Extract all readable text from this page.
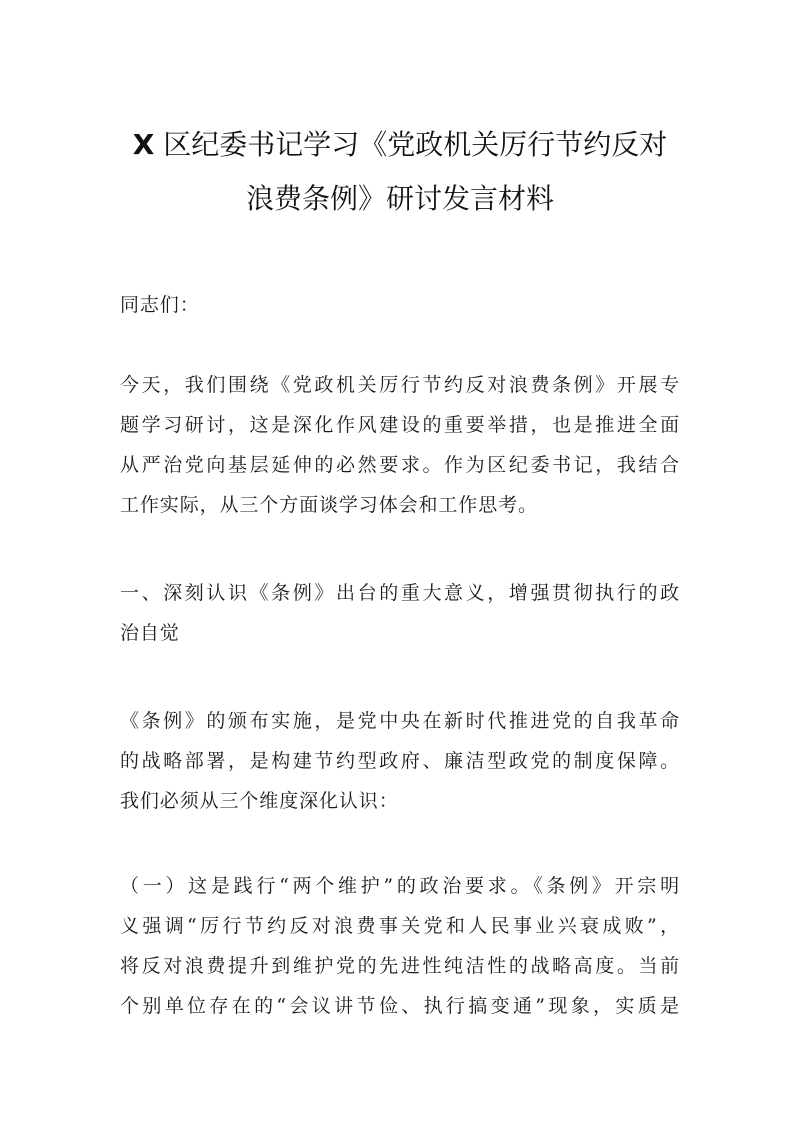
X 区纪委书记学习《党政机关厉行节约反对
浪费条例》研讨发言材料

同志们：

今天，我们围绕《党政机关厉行节约反对浪费条例》开展专
题学习研讨，这是深化作风建设的重要举措，也是推进全面
从严治党向基层延伸的必然要求。作为区纪委书记，我结合
工作实际，从三个方面谈学习体会和工作思考。

一、深刻认识《条例》出台的重大意义，增强贯彻执行的政
治自觉

《条例》的颁布实施，是党中央在新时代推进党的自我革命
的战略部署，是构建节约型政府、廉洁型政党的制度保障。
我们必须从三个维度深化认识：

（一）这是践行“两个维护”的政治要求。《条例》开宗明
义强调“厉行节约反对浪费事关党和人民事业兴衰成败”，
将反对浪费提升到维护党的先进性纯洁性的战略高度。当前
个别单位存在的“会议讲节俭、执行搞变通”现象，实质是
